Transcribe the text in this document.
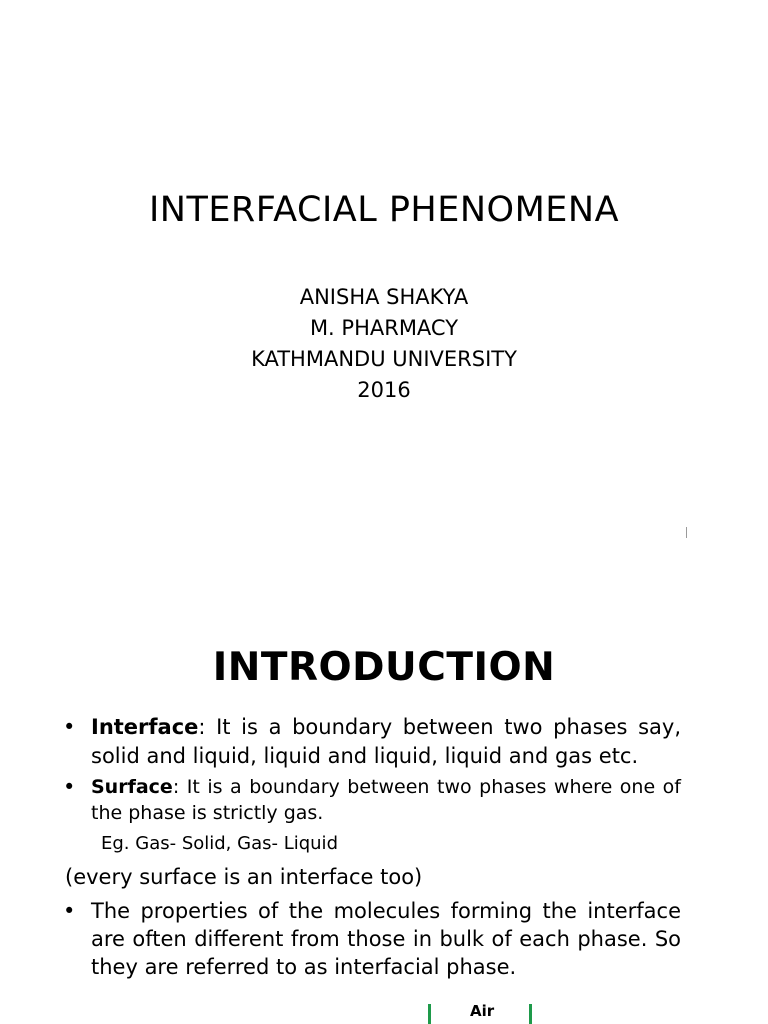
INTERFACIAL PHENOMENA
ANISHA SHAKYA
M. PHARMACY
KATHMANDU UNIVERSITY
2016
INTRODUCTION
• Interface: It is a boundary between two phases say, solid and liquid, liquid and liquid, liquid and gas etc.
• Surface: It is a boundary between two phases where one of the phase is strictly gas.
Eg. Gas- Solid, Gas- Liquid
(every surface is an interface too)
• The properties of the molecules forming the interface are often different from those in bulk of each phase. So they are referred to as interfacial phase.
Air
